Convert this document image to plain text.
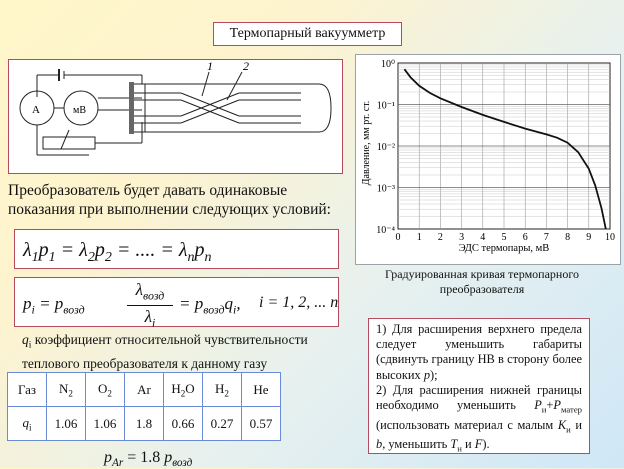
Термопарный вакуумметр
A	мВ
1	2
Давление, мм рт. ст.
ЭДС термопары, мВ
0 1 2 3 4 5 6 7 8 9 10
10⁰
10⁻¹
10⁻²
10⁻³
10⁻⁴
Градуированная кривая термопарного преобразователя
Преобразователь будет давать одинаковые показания при выполнении следующих условий:
$\lambda_1p_1 = \lambda_2p_2$ = .... = $\lambda_np_n$
$p_i = p_{возд}$
$\lambda_{возд}$
$\lambda_i$
= $p_{возд}q_i$, i = 1, 2, ... n
$q_i$ коэффициент относительной чувствительности теплового преобразователя к данному газу
Газ	$N_2$	$O_2$	Ar	$H_2O$	$H_2$	He
$q_i$	1.06	1.06	1.8	0.66	0.27	0.57
1) Для расширения верхнего предела следует уменьшить габариты (сдвинуть границу НВ в сторону более высоких p);
2) Для расширения нижней границы необходимо уменьшить $P_и+P_{матер}$ (использовать материал с малым $K_и$ и b, уменьшить $T_н$ и F).
$p_{Ar} = 1.8$ $p_{возд}$
